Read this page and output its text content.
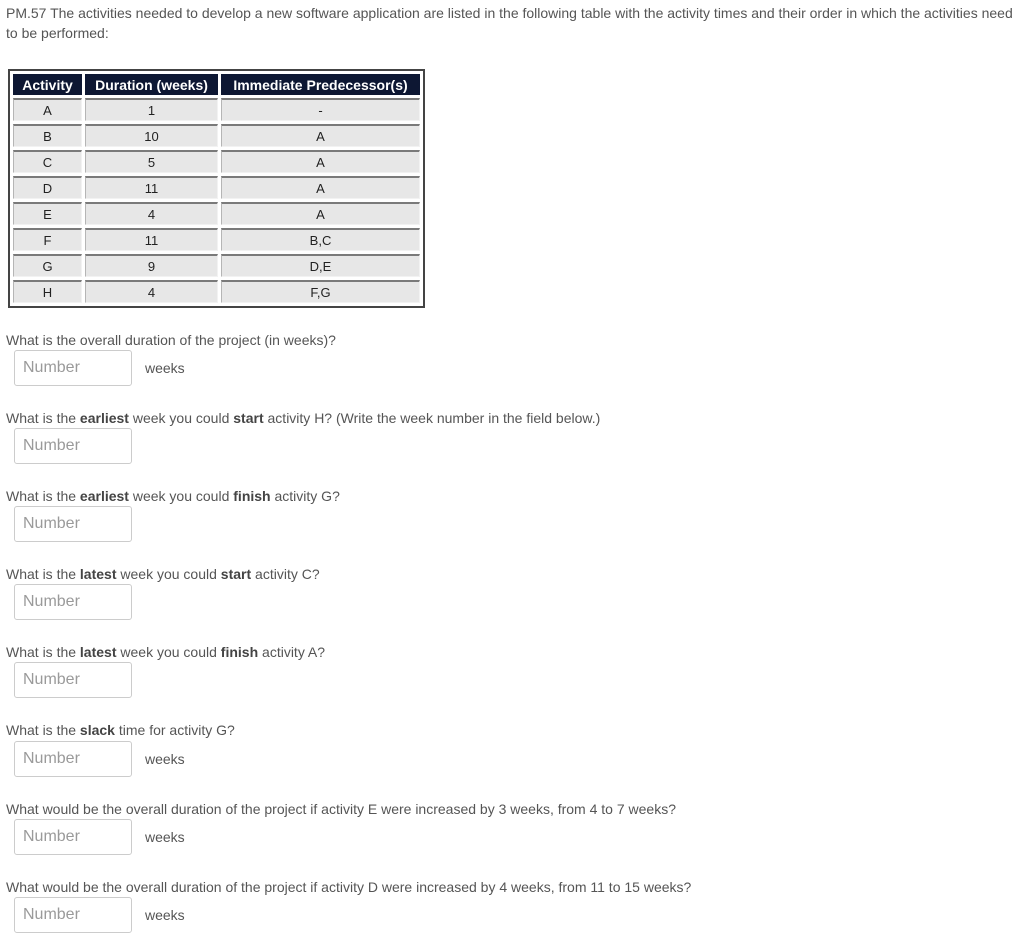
PM.57 The activities needed to develop a new software application are listed in the following table with the activity times and their order in which the activities need to be performed:
Activity	Duration (weeks)	Immediate Predecessor(s)
A	1	-
B	10	A
C	5	A
D	11	A
E	4	A
F	11	B,C
G	9	D,E
H	4	F,G
What is the overall duration of the project (in weeks)?
Number
weeks
What is the earliest week you could start activity H? (Write the week number in the field below.)
Number
What is the earliest week you could finish activity G?
Number
What is the latest week you could start activity C?
Number
What is the latest week you could finish activity A?
Number
What is the slack time for activity G?
Number
weeks
What would be the overall duration of the project if activity E were increased by 3 weeks, from 4 to 7 weeks?
Number
weeks
What would be the overall duration of the project if activity D were increased by 4 weeks, from 11 to 15 weeks?
Number
weeks
